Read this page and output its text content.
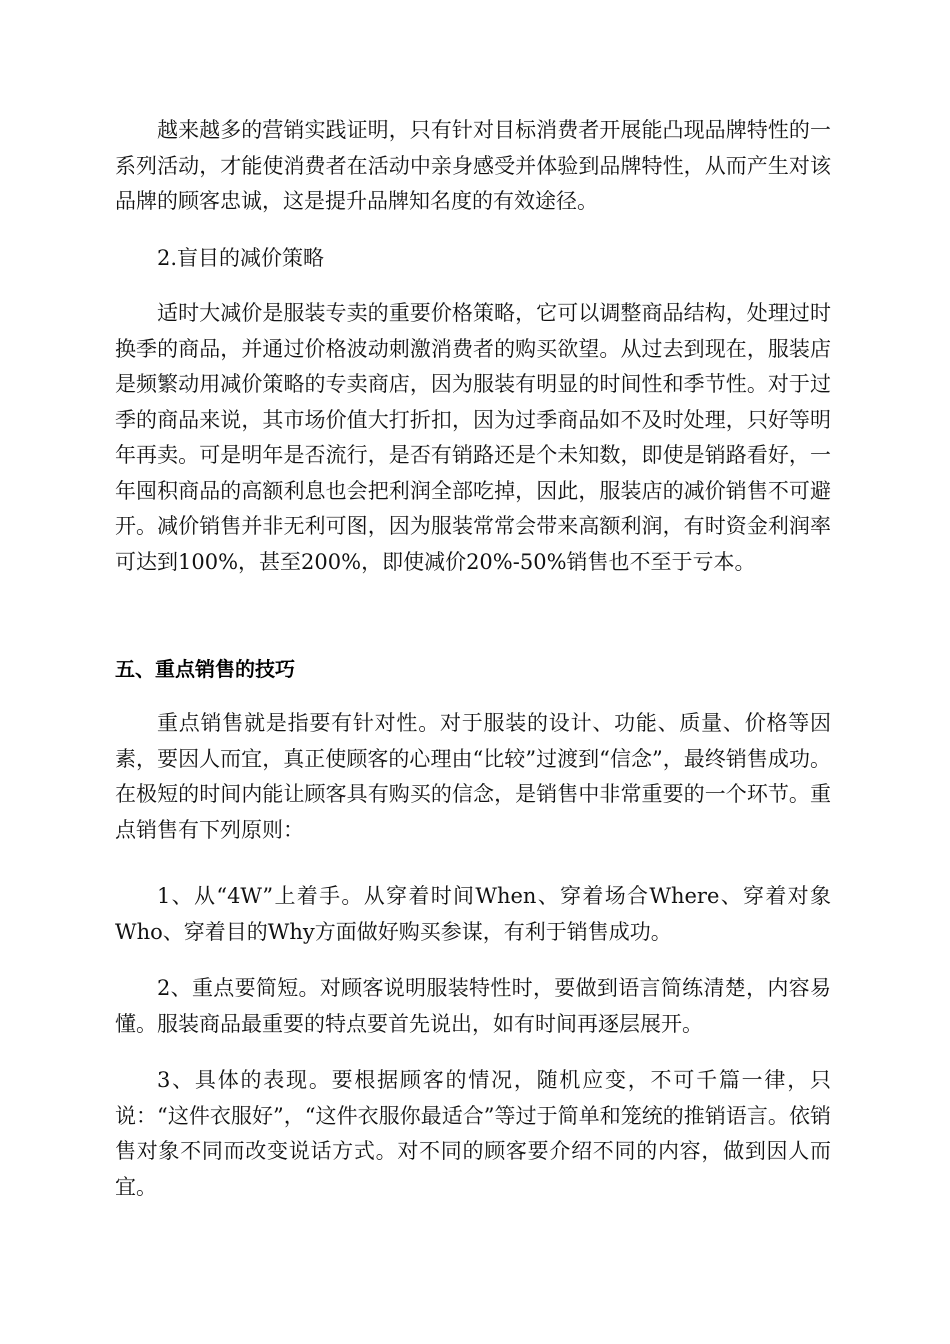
越来越多的营销实践证明，只有针对目标消费者开展能凸现品牌特性的一系列活动，才能使消费者在活动中亲身感受并体验到品牌特性，从而产生对该品牌的顾客忠诚，这是提升品牌知名度的有效途径。

2.盲目的减价策略

适时大减价是服装专卖的重要价格策略，它可以调整商品结构，处理过时换季的商品，并通过价格波动刺激消费者的购买欲望。从过去到现在，服装店是频繁动用减价策略的专卖商店，因为服装有明显的时间性和季节性。对于过季的商品来说，其市场价值大打折扣，因为过季商品如不及时处理，只好等明年再卖。可是明年是否流行，是否有销路还是个未知数，即使是销路看好，一年囤积商品的高额利息也会把利润全部吃掉，因此，服装店的减价销售不可避开。减价销售并非无利可图，因为服装常常会带来高额利润，有时资金利润率可达到100%，甚至200%，即使减价20%-50%销售也不至于亏本。

五、重点销售的技巧

重点销售就是指要有针对性。对于服装的设计、功能、质量、价格等因素，要因人而宜，真正使顾客的心理由“比较”过渡到“信念”，最终销售成功。在极短的时间内能让顾客具有购买的信念，是销售中非常重要的一个环节。重点销售有下列原则：

1、从“4W”上着手。从穿着时间When、穿着场合Where、穿着对象Who、穿着目的Why方面做好购买参谋，有利于销售成功。

2、重点要简短。对顾客说明服装特性时，要做到语言简练清楚，内容易懂。服装商品最重要的特点要首先说出，如有时间再逐层展开。

3、具体的表现。要根据顾客的情况，随机应变，不可千篇一律，只说：“这件衣服好”，“这件衣服你最适合”等过于简单和笼统的推销语言。依销售对象不同而改变说话方式。对不同的顾客要介绍不同的内容，做到因人而宜。
